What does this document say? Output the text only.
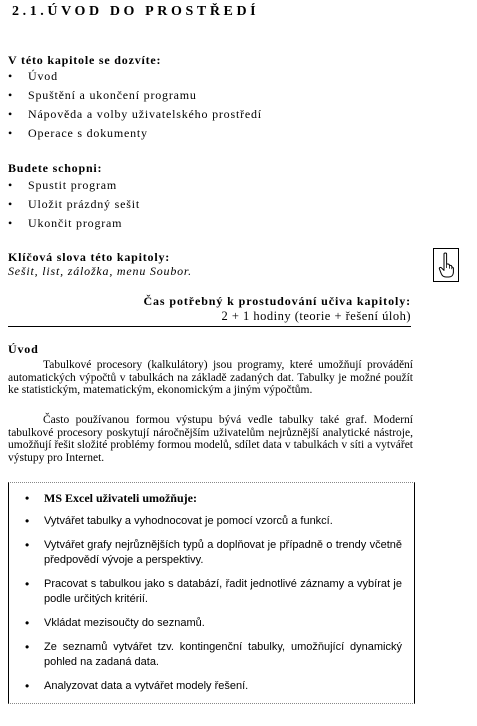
2.1.ÚVOD DO PROSTŘEDÍ
V této kapitole se dozvíte:
• Úvod
• Spuštění a ukončení programu
• Nápověda a volby uživatelského prostředí
• Operace s dokumenty
Budete schopni:
• Spustit program
• Uložit prázdný sešit
• Ukončit program
Klíčová slova této kapitoly:
Sešit, list, záložka, menu Soubor.
Čas potřebný k prostudování učiva kapitoly:
2 + 1 hodiny (teorie + řešení úloh)
Úvod

Tabulkové procesory (kalkulátory) jsou programy, které umožňují provádění automatických výpočtů v tabulkách na základě zadaných dat. Tabulky je možné použít ke statistickým, matematickým, ekonomickým a jiným výpočtům.

Často používanou formou výstupu bývá vedle tabulky také graf. Moderní tabulkové procesory poskytují náročnějším uživatelům nejrůznější analytické nástroje, umožňují řešit složité problémy formou modelů, sdílet data v tabulkách v síti a vytvářet výstupy pro Internet.

• MS Excel uživateli umožňuje:
• Vytvářet tabulky a vyhodnocovat je pomocí vzorců a funkcí.
• Vytvářet grafy nejrůznějších typů a doplňovat je případně o trendy včetně předpovědí vývoje a perspektivy.
• Pracovat s tabulkou jako s databází, řadit jednotlivé záznamy a vybírat je podle určitých kritérií.
• Vkládat mezisoučty do seznamů.
• Ze seznamů vytvářet tzv. kontingenční tabulky, umožňující dynamický pohled na zadaná data.
• Analyzovat data a vytvářet modely řešení.
